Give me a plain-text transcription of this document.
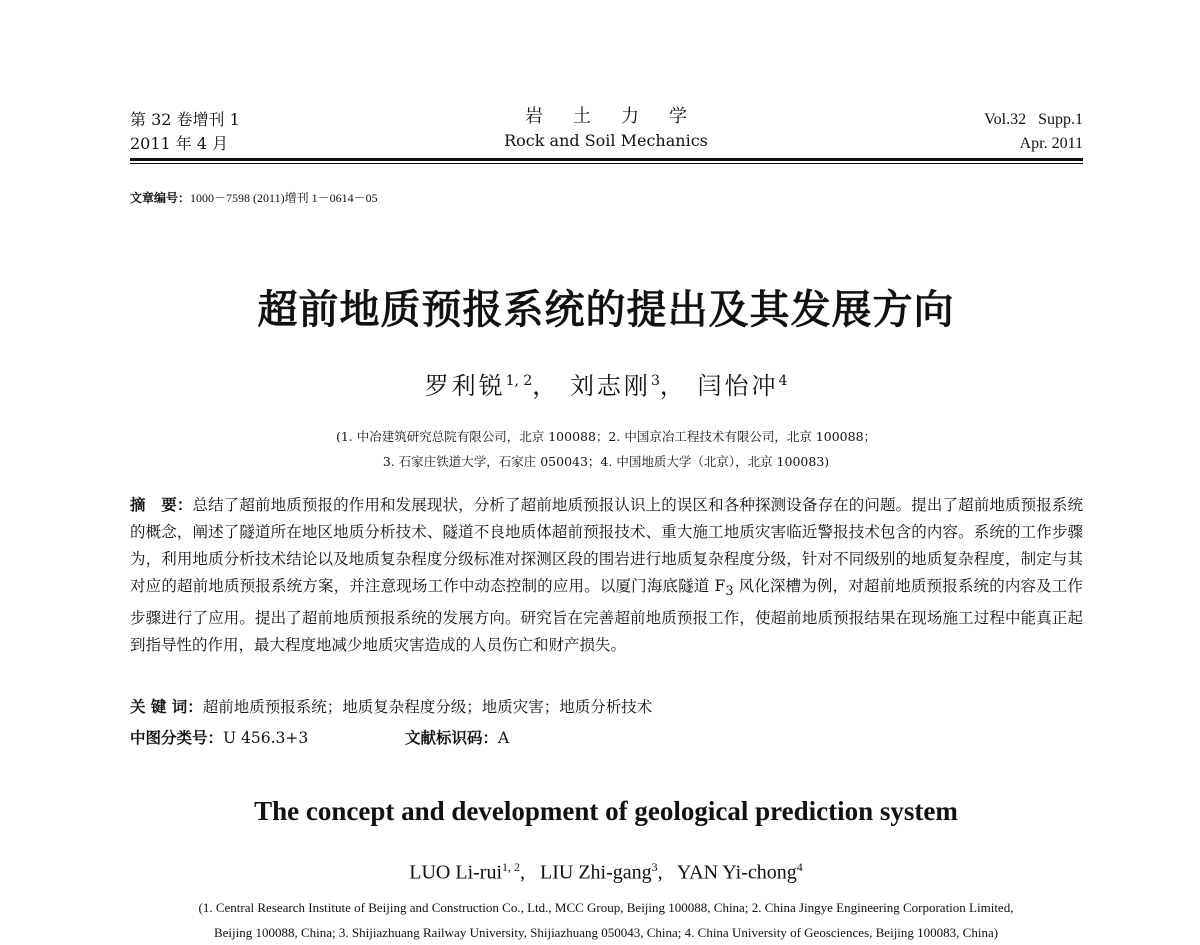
第 32 卷增刊 1
2011 年 4 月
岩土力学
Rock and Soil Mechanics
Vol.32   Supp.1
Apr. 2011
文章编号：1000－7598 (2011)增刊 1－0614－05
超前地质预报系统的提出及其发展方向
罗利锐$^{1, 2}$， 刘志刚$^3$， 闫怡冲$^4$
(1. 中冶建筑研究总院有限公司，北京 100088；2. 中国京冶工程技术有限公司，北京 100088；
3. 石家庄铁道大学，石家庄 050043；4. 中国地质大学（北京），北京 100083)
摘　要：总结了超前地质预报的作用和发展现状，分析了超前地质预报认识上的误区和各种探测设备存在的问题。提出了超前地质预报系统的概念，阐述了隧道所在地区地质分析技术、隧道不良地质体超前预报技术、重大施工地质灾害临近警报技术包含的内容。系统的工作步骤为，利用地质分析技术结论以及地质复杂程度分级标准对探测区段的围岩进行地质复杂程度分级，针对不同级别的地质复杂程度，制定与其对应的超前地质预报系统方案，并注意现场工作中动态控制的应用。以厦门海底隧道 $F_3$ 风化深槽为例，对超前地质预报系统的内容及工作步骤进行了应用。提出了超前地质预报系统的发展方向。研究旨在完善超前地质预报工作，使超前地质预报结果在现场施工过程中能真正起到指导性的作用，最大程度地减少地质灾害造成的人员伤亡和财产损失。
关 键 词：超前地质预报系统；地质复杂程度分级；地质灾害；地质分析技术
中图分类号：U 456.3+3	文献标识码：A
The concept and development of geological prediction system
LUO Li-rui$^{1, 2}$,   LIU Zhi-gang$^3$,   YAN Yi-chong$^4$
(1. Central Research Institute of Beijing and Construction Co., Ltd., MCC Group, Beijing 100088, China; 2. China Jingye Engineering Corporation Limited,
Beijing 100088, China; 3. Shijiazhuang Railway University, Shijiazhuang 050043, China; 4. China University of Geosciences, Beijing 100083, China)
